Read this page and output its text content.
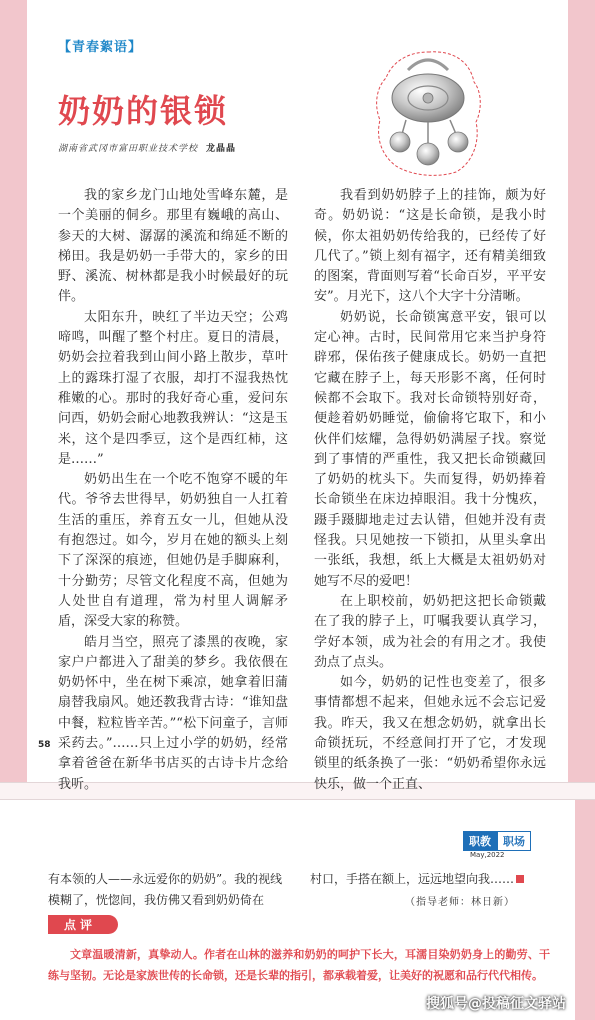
【青春絮语】
奶奶的银锁
湖南省武冈市富田职业技术学校 龙晶晶

我的家乡龙门山地处雪峰东麓，是一个美丽的侗乡。那里有巍峨的高山、参天的大树、潺潺的溪流和绵延不断的梯田。我是奶奶一手带大的，家乡的田野、溪流、树林都是我小时候最好的玩伴。

太阳东升，映红了半边天空；公鸡啼鸣，叫醒了整个村庄。夏日的清晨，奶奶会拉着我到山间小路上散步，草叶上的露珠打湿了衣服，却打不湿我热忱稚嫩的心。那时的我好奇心重，爱问东问西，奶奶会耐心地教我辨认：“这是玉米，这个是四季豆，这个是西红柿，这是……”

奶奶出生在一个吃不饱穿不暖的年代。爷爷去世得早，奶奶独自一人扛着生活的重压，养育五女一儿，但她从没有抱怨过。如今，岁月在她的额头上刻下了深深的痕迹，但她仍是手脚麻利，十分勤劳；尽管文化程度不高，但她为人处世自有道理，常为村里人调解矛盾，深受大家的称赞。

皓月当空，照亮了漆黑的夜晚，家家户户都进入了甜美的梦乡。我依偎在奶奶怀中，坐在树下乘凉，她拿着旧蒲扇替我扇风。她还教我背古诗：“谁知盘中餐，粒粒皆辛苦。”“松下问童子，言师采药去。”……只上过小学的奶奶，经常拿着爸爸在新华书店买的古诗卡片念给我听。

我看到奶奶脖子上的挂饰，颇为好奇。奶奶说：“这是长命锁，是我小时候，你太祖奶奶传给我的，已经传了好几代了。”锁上刻有福字，还有精美细致的图案，背面则写着“长命百岁，平平安安”。月光下，这八个大字十分清晰。

奶奶说，长命锁寓意平安，银可以定心神。古时，民间常用它来当护身符辟邪，保佑孩子健康成长。奶奶一直把它藏在脖子上，每天形影不离，任何时候都不会取下。我对长命锁特别好奇，便趁着奶奶睡觉，偷偷将它取下，和小伙伴们炫耀，急得奶奶满屋子找。察觉到了事情的严重性，我又把长命锁藏回了奶奶的枕头下。失而复得，奶奶捧着长命锁坐在床边掉眼泪。我十分愧疚，蹑手蹑脚地走过去认错，但她并没有责怪我。只见她按一下锁扣，从里头拿出一张纸，我想，纸上大概是太祖奶奶对她写不尽的爱吧！

在上职校前，奶奶把这把长命锁戴在了我的脖子上，叮嘱我要认真学习，学好本领，成为社会的有用之才。我使劲点了点头。

如今，奶奶的记性也变差了，很多事情都想不起来，但她永远不会忘记爱我。昨天，我又在想念奶奶，就拿出长命锁抚玩，不经意间打开了它，才发现锁里的纸条换了一张：“奶奶希望你永远快乐，做一个正直、

58
职教	职场
May,2022
有本领的人——永远爱你的奶奶”。我的视线模糊了，恍惚间，我仿佛又看到奶奶倚在
村口，手搭在额上，远远地望向我……
（指导老师：林日新）
点评
文章温暖清新，真挚动人。作者在山林的滋养和奶奶的呵护下长大，耳濡目染奶奶身上的勤劳、干练与坚韧。无论是家族世传的长命锁，还是长辈的指引，都承载着爱，让美好的祝愿和品行代代相传。
搜狐号@投稿征文驿站
